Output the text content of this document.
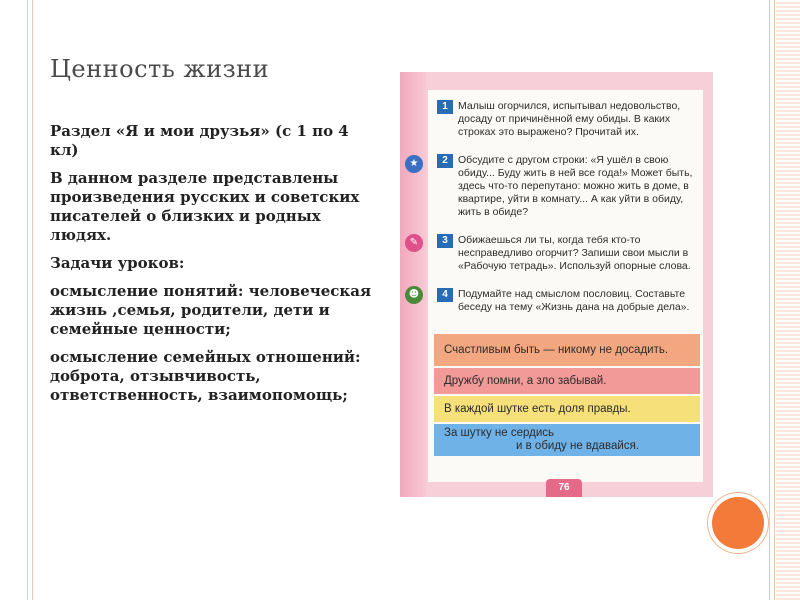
Ценность жизни

Раздел «Я и мои друзья» (с 1 по 4 кл)

В данном разделе представлены произведения русских и советских писателей о близких и родных людях.

Задачи уроков:

осмысление понятий: человеческая жизнь ,семья, родители, дети и семейные ценности;

осмысление семейных отношений: доброта, отзывчивость, ответственность, взаимопомощь;

★
✎
☻
1 Малыш огорчился, испытывал недовольство, досаду от причинённой ему обиды. В каких строках это выражено? Прочитай их.
2 Обсудите с другом строки: «Я ушёл в свою обиду... Буду жить в ней все года!» Может быть, здесь что-то перепутано: можно жить в доме, в квартире, уйти в комнату... А как уйти в обиду, жить в обиде?
3 Обижаешься ли ты, когда тебя кто-то несправедливо огорчит? Запиши свои мысли в «Рабочую тетрадь». Используй опорные слова.
4 Подумайте над смыслом пословиц. Составьте беседу на тему «Жизнь дана на добрые дела».
Счастливым быть — никому не досадить.
Дружбу помни, а зло забывай.
В каждой шутке есть доля правды.
За шутку не сердись
и в обиду не вдавайся.
76
